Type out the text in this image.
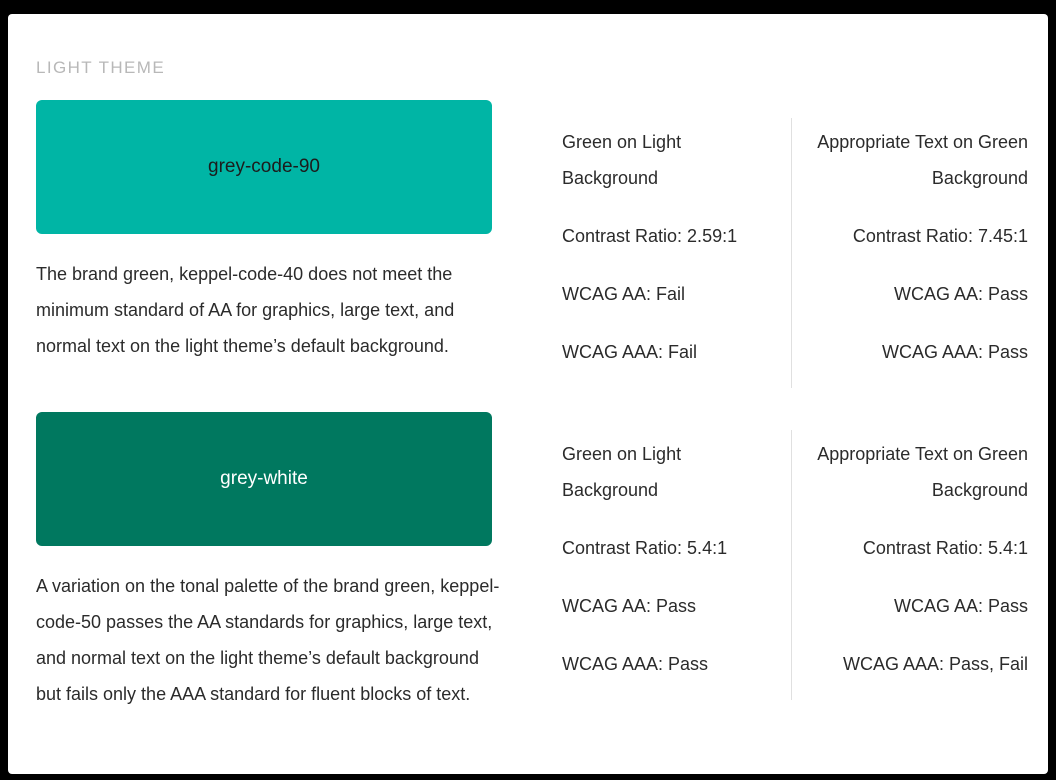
LIGHT THEME
grey-code-90
The brand green, keppel-code-40 does not meet the minimum standard of AA for graphics, large text, and normal text on the light theme’s default background.

Green on Light Background

Contrast Ratio: 2.59:1

WCAG AA: Fail

WCAG AAA: Fail

Appropriate Text on Green Background

Contrast Ratio: 7.45:1

WCAG AA: Pass

WCAG AAA: Pass

grey-white
A variation on the tonal palette of the brand green, keppel-code-50 passes the AA standards for graphics, large text, and normal text on the light theme’s default background but fails only the AAA standard for fluent blocks of text.

Green on Light Background

Contrast Ratio: 5.4:1

WCAG AA: Pass

WCAG AAA: Pass

Appropriate Text on Green Background

Contrast Ratio: 5.4:1

WCAG AA: Pass

WCAG AAA: Pass, Fail
